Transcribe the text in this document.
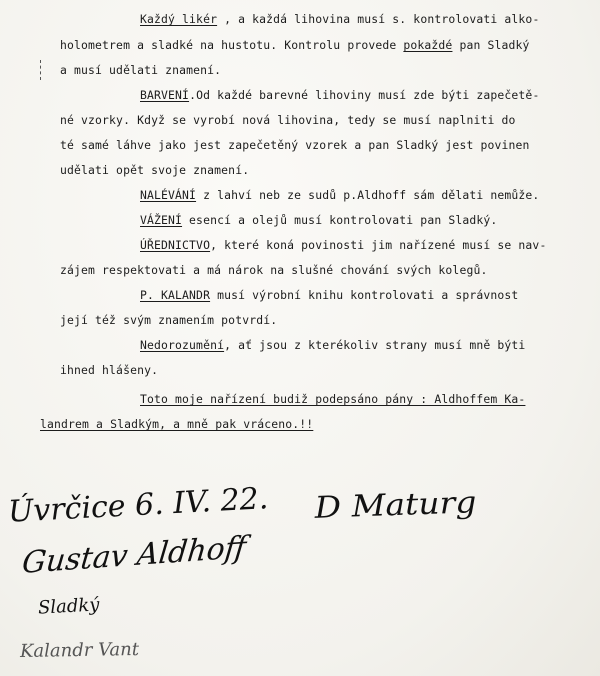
Každý likér , a každá lihovina musí s. kontrolovati alko-
holometrem a sladké na hustotu. Kontrolu provede pokaždé pan Sladký
a musí udělati znamení.
BARVENÍ.Od každé barevné lihoviny musí zde býti zapečetě-
né vzorky. Když se vyrobí nová lihovina, tedy se musí naplniti do
té samé láhve jako jest zapečetěný vzorek a pan Sladký jest povinen
udělati opět svoje znamení.
NALÉVÁNÍ z lahví neb ze sudů p.Aldhoff sám dělati nemůže.
VÁŽENÍ esencí a olejů musí kontrolovati pan Sladký.
ÚŘEDNICTVO, které koná povinosti jim nařízené musí se nav-
zájem respektovati a má nárok na slušné chování svých kolegů.
P. KALANDR musí výrobní knihu kontrolovati a správnost
její též svým znamením potvrdí.
Nedorozumění, ať jsou z kterékoliv strany musí mně býti
ihned hlášeny.
Toto moje nařízení budiž podepsáno pány : Aldhoffem Ka-
landrem a Sladkým, a mně pak vráceno.!!
Úvrčice 6. IV. 22. D Maturg
Gustav Aldhoff
Sladký
Kalandr Vant
